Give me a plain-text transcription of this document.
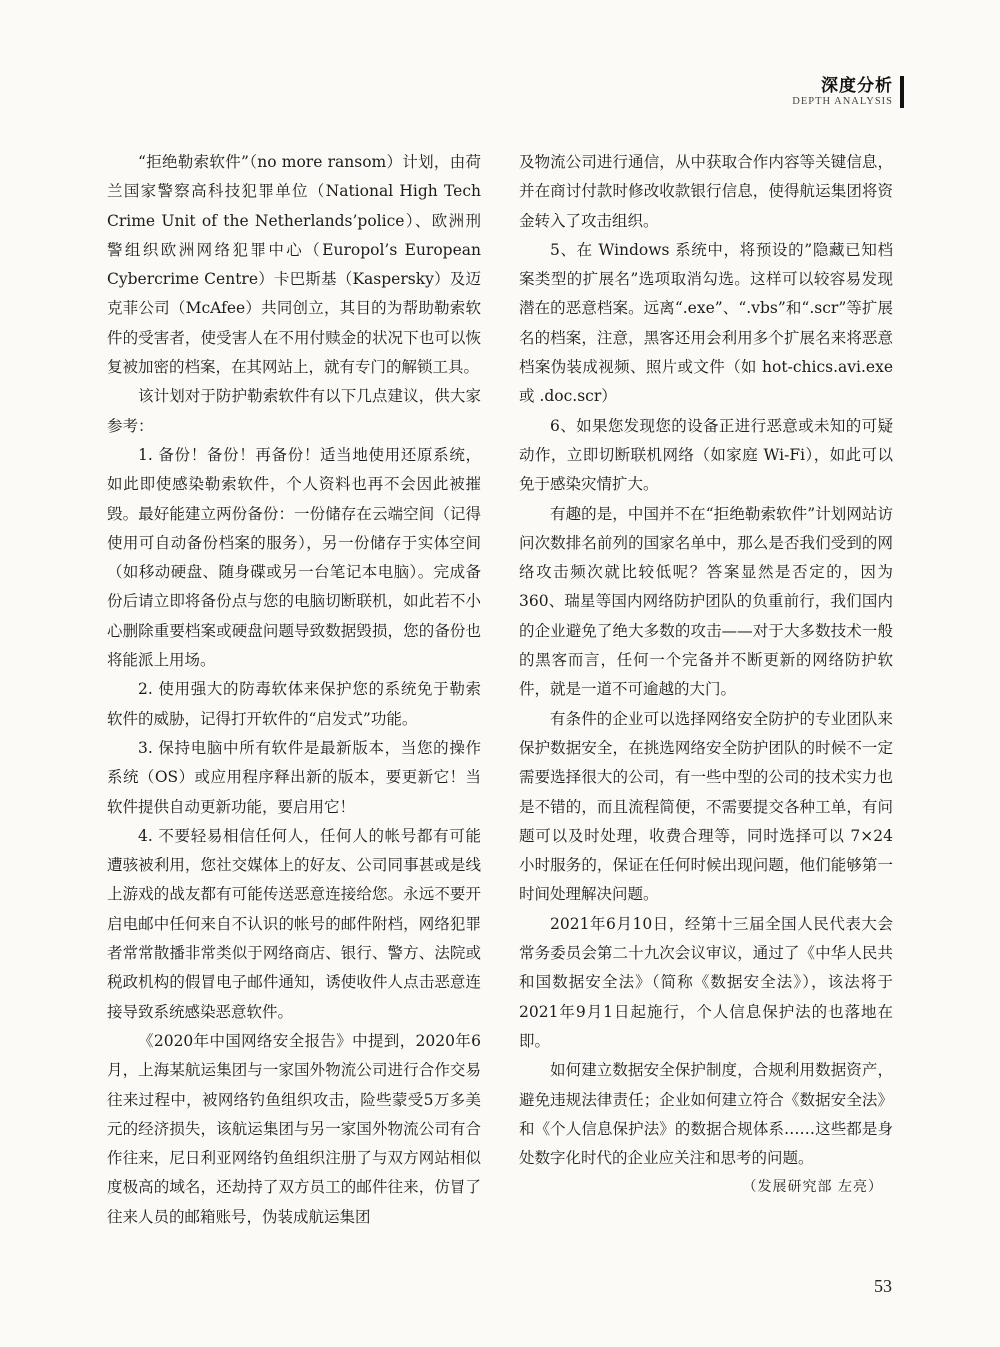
深度分析
DEPTH ANALYSIS

“拒绝勒索软件”（no more ransom）计划，由荷兰国家警察高科技犯罪单位（National High Tech Crime Unit of the Netherlands’police）、欧洲刑警组织欧洲网络犯罪中心（Europol’s European Cybercrime Centre）卡巴斯基（Kaspersky）及迈克菲公司（McAfee）共同创立，其目的为帮助勒索软件的受害者，使受害人在不用付赎金的状况下也可以恢复被加密的档案，在其网站上，就有专门的解锁工具。

该计划对于防护勒索软件有以下几点建议，供大家参考：

1. 备份！备份！再备份！适当地使用还原系统，如此即使感染勒索软件，个人资料也再不会因此被摧毁。最好能建立两份备份：一份储存在云端空间（记得使用可自动备份档案的服务），另一份储存于实体空间（如移动硬盘、随身碟或另一台笔记本电脑）。完成备份后请立即将备份点与您的电脑切断联机，如此若不小心删除重要档案或硬盘问题导致数据毁损，您的备份也将能派上用场。

2. 使用强大的防毒软体来保护您的系统免于勒索软件的威胁，记得打开软件的“启发式”功能。

3. 保持电脑中所有软件是最新版本，当您的操作系统（OS）或应用程序释出新的版本，要更新它！当软件提供自动更新功能，要启用它！

4. 不要轻易相信任何人，任何人的帐号都有可能遭骇被利用，您社交媒体上的好友、公司同事甚或是线上游戏的战友都有可能传送恶意连接给您。永远不要开启电邮中任何来自不认识的帐号的邮件附档，网络犯罪者常常散播非常类似于网络商店、银行、警方、法院或税政机构的假冒电子邮件通知，诱使收件人点击恶意连接导致系统感染恶意软件。

《2020年中国网络安全报告》中提到，2020年6月，上海某航运集团与一家国外物流公司进行合作交易往来过程中，被网络钓鱼组织攻击，险些蒙受5万多美元的经济损失，该航运集团与另一家国外物流公司有合作往来，尼日利亚网络钓鱼组织注册了与双方网站相似度极高的域名，还劫持了双方员工的邮件往来，仿冒了往来人员的邮箱账号，伪装成航运集团

及物流公司进行通信，从中获取合作内容等关键信息，并在商讨付款时修改收款银行信息，使得航运集团将资金转入了攻击组织。

5、在 Windows 系统中，将预设的”隐藏已知档案类型的扩展名”选项取消勾选。这样可以较容易发现潜在的恶意档案。远离“.exe”、“.vbs”和“.scr”等扩展名的档案，注意，黑客还用会利用多个扩展名来将恶意档案伪装成视频、照片或文件（如 hot-chics.avi.exe 或 .doc.scr）

6、如果您发现您的设备正进行恶意或未知的可疑动作，立即切断联机网络（如家庭 Wi-Fi），如此可以免于感染灾情扩大。

有趣的是，中国并不在“拒绝勒索软件”计划网站访问次数排名前列的国家名单中，那么是否我们受到的网络攻击频次就比较低呢？答案显然是否定的，因为360、瑞星等国内网络防护团队的负重前行，我们国内的企业避免了绝大多数的攻击——对于大多数技术一般的黑客而言，任何一个完备并不断更新的网络防护软件，就是一道不可逾越的大门。

有条件的企业可以选择网络安全防护的专业团队来保护数据安全，在挑选网络安全防护团队的时候不一定需要选择很大的公司，有一些中型的公司的技术实力也是不错的，而且流程简便，不需要提交各种工单，有问题可以及时处理，收费合理等，同时选择可以 7×24 小时服务的，保证在任何时候出现问题，他们能够第一时间处理解决问题。

2021年6月10日，经第十三届全国人民代表大会常务委员会第二十九次会议审议，通过了《中华人民共和国数据安全法》（简称《数据安全法》），该法将于2021年9月1日起施行，个人信息保护法的也落地在即。

如何建立数据安全保护制度，合规利用数据资产，避免违规法律责任；企业如何建立符合《数据安全法》和《个人信息保护法》的数据合规体系……这些都是身处数字化时代的企业应关注和思考的问题。

（发展研究部 左亮）

53
